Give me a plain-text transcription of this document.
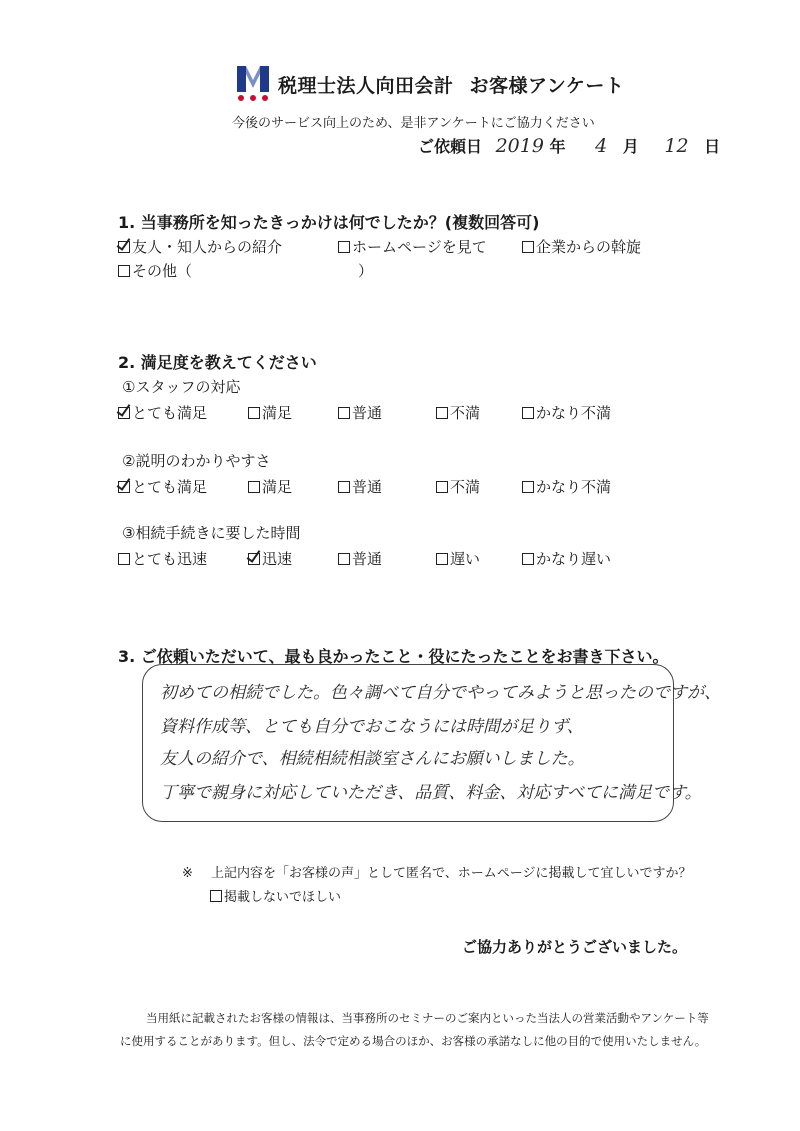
税理士法人向田会計 お客様アンケート
今後のサービス向上のため、是非アンケートにご協力ください
ご依頼日 2019 年 4 月 12 日
1. 当事務所を知ったきっかけは何でしたか？(複数回答可)
友人・知人からの紹介	ホームページを見て	企業からの斡旋
その他（	）
2. 満足度を教えてください
①スタッフの対応
とても満足	満足	普通	不満	かなり不満
②説明のわかりやすさ
とても満足	満足	普通	不満	かなり不満
③相続手続きに要した時間
とても迅速	迅速	普通	遅い	かなり遅い
3. ご依頼いただいて、最も良かったこと・役にたったことをお書き下さい。
初めての相続でした。色々調べて自分でやってみようと思ったのですが、
資料作成等、とても自分でおこなうには時間が足りず、
友人の紹介で、相続相続相談室さんにお願いしました。
丁寧で親身に対応していただき、品質、料金、対応すべてに満足です。
※ 上記内容を「お客様の声」として匿名で、ホームページに掲載して宜しいですか？
掲載しないでほしい
ご協力ありがとうございました。
当用紙に記載されたお客様の情報は、当事務所のセミナーのご案内といった当法人の営業活動やアンケート等
に使用することがあります。但し、法令で定める場合のほか、お客様の承諾なしに他の目的で使用いたしません。
